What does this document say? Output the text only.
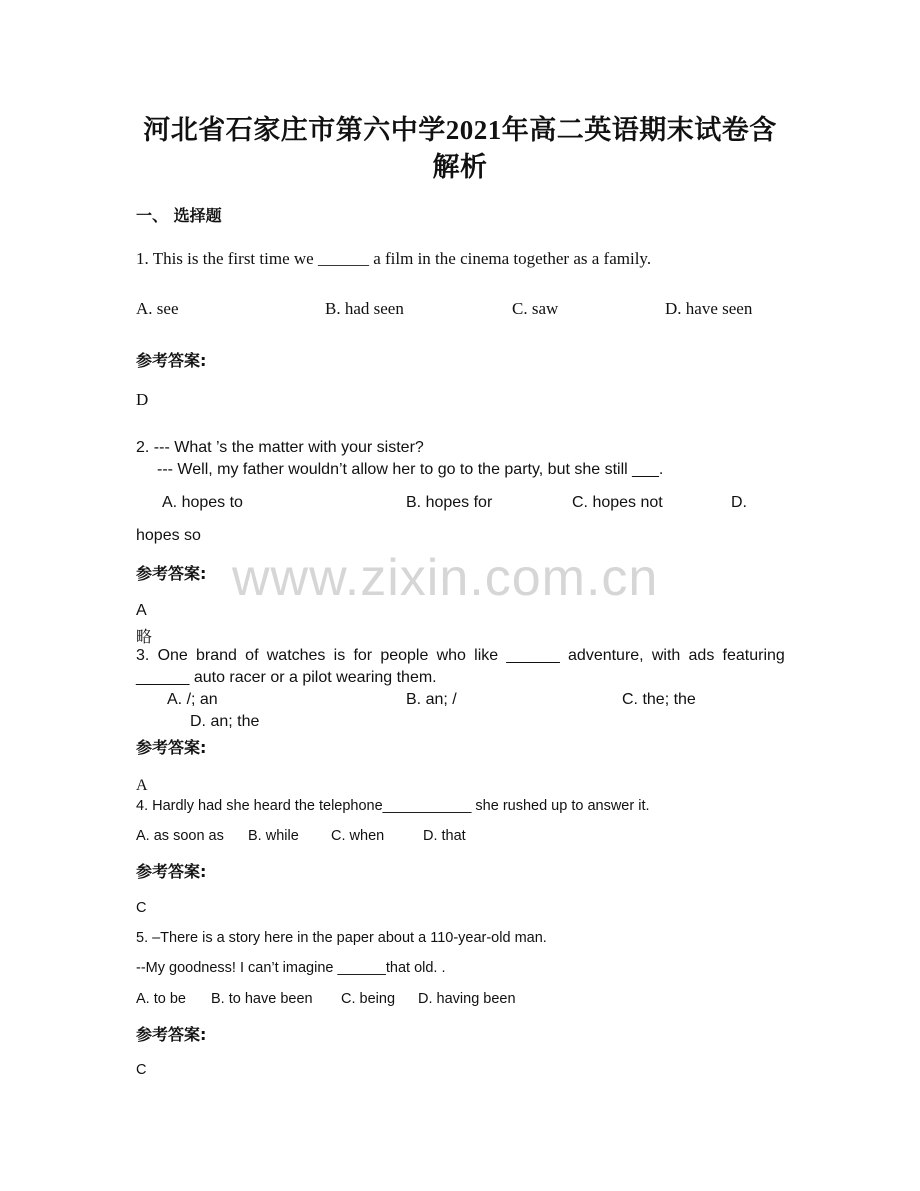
河北省石家庄市第六中学2021年高二英语期末试卷含
解析
一、 选择题
1. This is the first time we ______ a film in the cinema together as a family.
A. see	B. had seen	C. saw	D. have seen
参考答案:
D
2. --- What ’s the matter with your sister?
--- Well, my father wouldn’t allow her to go to the party, but she still ___.
A. hopes to	B. hopes for	C. hopes not	D.
hopes so
参考答案: www.zixin.com.cn
A
略
3. One brand of watches is for people who like ______ adventure, with ads featuring
______ auto racer or a pilot wearing them.
A. /; an	B. an; /	C. the; the
D. an; the
参考答案:
A
4. Hardly had she heard the telephone___________ she rushed up to answer it.
A. as soon as B. while C. when	D. that
参考答案:
C
5. –There is a story here in the paper about a 110-year-old man.
--My goodness! I can’t imagine ______that old. .
A. to be B. to have been C. being D. having been
参考答案:
C
